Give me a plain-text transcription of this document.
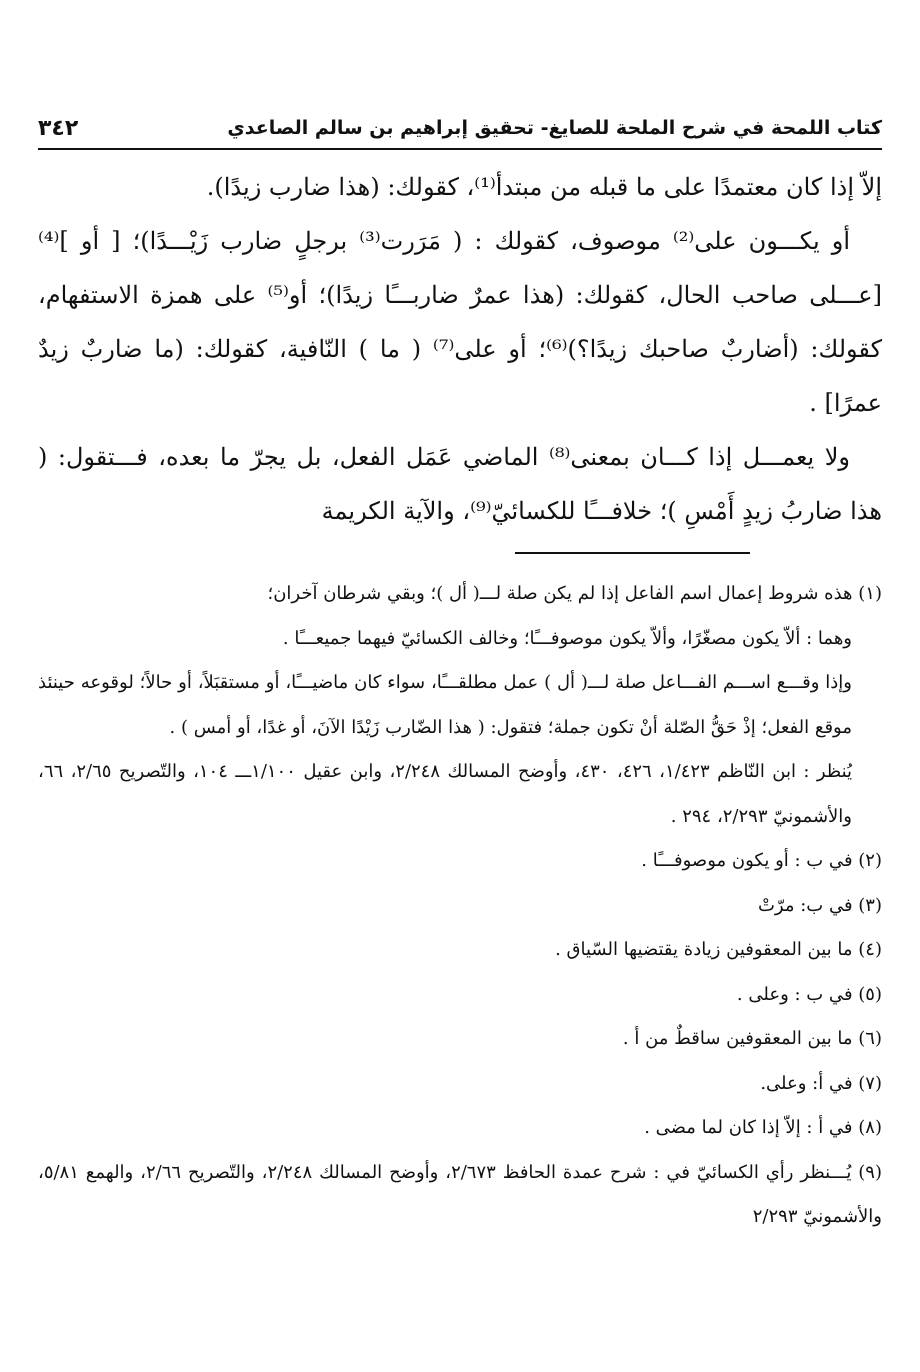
كتاب اللمحة في شرح الملحة للصايغ- تحقيق إبراهيم بن سالم الصاعدي
٣٤٢

إلاّ إذا كان معتمدًا على ما قبله من مبتدأ⁽¹⁾، كقولك: (هذا ضارب زيدًا).

أو يكـــون على⁽²⁾ موصوف، كقولك : ( مَرَرت⁽³⁾ برجلٍ ضارب زَيْـــدًا)؛ [ أو ]⁽⁴⁾ [عـــلى صاحب الحال، كقولك: (هذا عمرٌ ضاربـــًا زيدًا)؛ أو⁽⁵⁾ على همزة الاستفهام، كقولك: (أضاربٌ صاحبك زيدًا؟)⁽⁶⁾؛ أو على⁽⁷⁾ ( ما ) النّافية، كقولك: (ما ضاربٌ زيدٌ عمرًا] .

ولا يعمـــل إذا كـــان بمعنى⁽⁸⁾ الماضي عَمَل الفعل، بل يجرّ ما بعده، فـــتقول: ( هذا ضاربُ زيدٍ أَمْسِ )؛ خلافـــًا للكسائيّ⁽⁹⁾، والآية الكريمة

(١) هذه شروط إعمال اسم الفاعل إذا لم يكن صلة لـــ( أل )؛ وبقي شرطان آخران؛

وهما : ألاّ يكون مصغّرًا، وألاّ يكون موصوفـــًا؛ وخالف الكسائيّ فيهما جميعـــًا .

وإذا وقـــع اســـم الفـــاعل صلة لـــ( أل ) عمل مطلقـــًا، سواء كان ماضيـــًا، أو مستقبَلاً، أو حالاً؛ لوقوعه حينئذ موقع الفعل؛ إذْ حَقُّ الصّلة أنْ تكون جملة؛ فتقول: ( هذا الضّارب زَيْدًا الآنَ، أو غدًا، أو أمس ) .

يُنظر : ابن النّاظم ١/٤٢٣، ٤٢٦، ٤٣٠، وأوضح المسالك ٢/٢٤٨، وابن عقيل ١/١٠٠ـــ ١٠٤، والتّصريح ٢/٦٥، ٦٦، والأشمونيّ ٢/٢٩٣، ٢٩٤ .

(٢) في ب : أو يكون موصوفـــًا .

(٣) في ب: مرّتْ

(٤) ما بين المعقوفين زيادة يقتضيها السّياق .

(٥) في ب : وعلى .

(٦) ما بين المعقوفين ساقطٌ من أ .

(٧) في أ: وعلى.

(٨) في أ : إلاّ إذا كان لما مضى .

(٩) يُـــنظر رأي الكسائيّ في : شرح عمدة الحافظ ٢/٦٧٣، وأوضح المسالك ٢/٢٤٨، والتّصريح ٢/٦٦، والهمع ٥/٨١، والأشمونيّ ٢/٢٩٣
